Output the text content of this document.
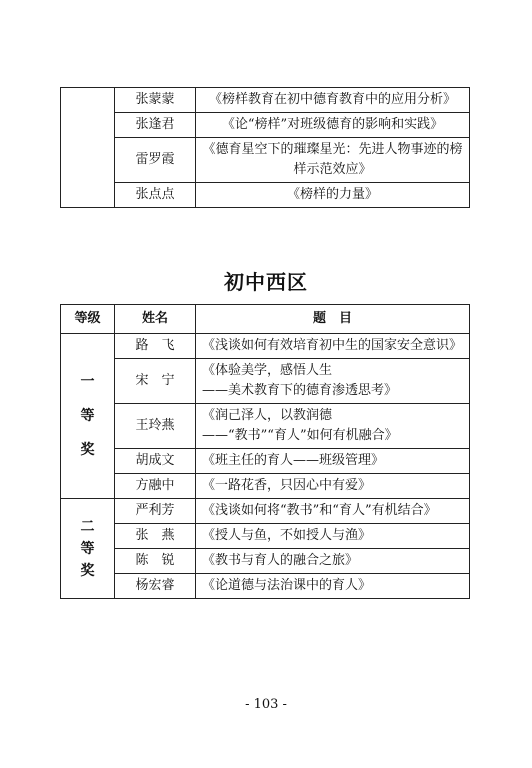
	张蒙蒙	《榜样教育在初中德育教育中的应用分析》
	张逢君	《论“榜样”对班级德育的影响和实践》
	雷罗霞	《德育星空下的璀璨星光：先进人物事迹的榜样示范效应》
	张点点	《榜样的力量》
初中西区
等级	姓名	题　目

一
等
奖	路　飞	《浅谈如何有效培育初中生的国家安全意识》
	宋　宁	《体验美学，感悟人生
——美术教育下的德育渗透思考》

	王玲燕	《润己泽人，以教润德
——“教书”“育人”如何有机融合》

	胡成文	《班主任的育人——班级管理》
	方融中	《一路花香，只因心中有爱》

二
等
奖	严利芳	《浅谈如何将“教书”和“育人”有机结合》
	张　燕	《授人与鱼，不如授人与渔》
	陈　锐	《教书与育人的融合之旅》
	杨宏睿	《论道德与法治课中的育人》
- 103 -
